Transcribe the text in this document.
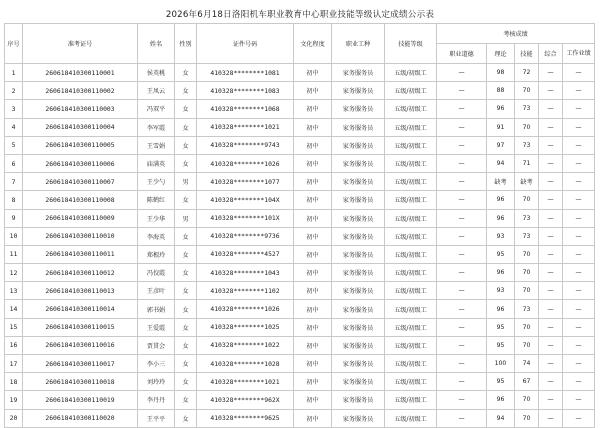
2026年6月18日洛阳机车职业教育中心职业技能等级认定成绩公示表
序号	准考证号	姓名	性别	证件号码	文化程度	职业工种	技能等级	考核成绩				
								职业道德	理论	技能	综合	工作业绩
1	260618410300110001	侯英桃	女	410328********1081	初中	家务服务员	五级/初级工	—	98	72	—	—
2	260618410300110002	王凤云	女	410328********1083	初中	家务服务员	五级/初级工	—	88	70	—	—
3	260618410300110003	冯双平	女	410328********1068	初中	家务服务员	五级/初级工	—	96	73	—	—
4	260618410300110004	李军霞	女	410328********1021	初中	家务服务员	五级/初级工	—	91	70	—	—
5	260618410300110005	王雪娟	女	410328********9743	初中	家务服务员	五级/初级工	—	97	73	—	—
6	260618410300110006	庙满英	女	410328********1026	初中	家务服务员	五级/初级工	—	94	71	—	—
7	260618410300110007	王少勺	男	410328********1077	初中	家务服务员	五级/初级工	—	缺考	缺考	—	—
8	260618410300110008	陈鹤红	女	410328********104X	初中	家务服务员	五级/初级工	—	96	70	—	—
9	260618410300110009	王少华	男	410328********101X	初中	家务服务员	五级/初级工	—	96	73	—	—
10	260618410300110010	李海英	女	410328********9736	初中	家务服务员	五级/初级工	—	93	73	—	—
11	260618410300110011	郑根玲	女	410328********4527	初中	家务服务员	五级/初级工	—	95	70	—	—
12	260618410300110012	冯佼霞	女	410328********1043	初中	家务服务员	五级/初级工	—	96	70	—	—
13	260618410300110013	王彦叶	女	410328********1102	初中	家务服务员	五级/初级工	—	93	70	—	—
14	260618410300110014	郭书娟	女	410328********1026	初中	家务服务员	五级/初级工	—	96	73	—	—
15	260618410300110015	王爱霞	女	410328********1025	初中	家务服务员	五级/初级工	—	95	70	—	—
16	260618410300110016	贾贯会	女	410328********1022	初中	家务服务员	五级/初级工	—	95	70	—	—
17	260618410300110017	李小三	女	410328********1028	初中	家务服务员	五级/初级工	—	100	74	—	—
18	260618410300110018	刘玲玲	女	410328********1021	初中	家务服务员	五级/初级工	—	95	67	—	—
19	260618410300110019	李丹丹	女	410328********962X	初中	家务服务员	五级/初级工	—	96	70	—	—
20	260618410300110020	王平平	女	410328********9625	初中	家务服务员	五级/初级工	—	94	70	—	—
